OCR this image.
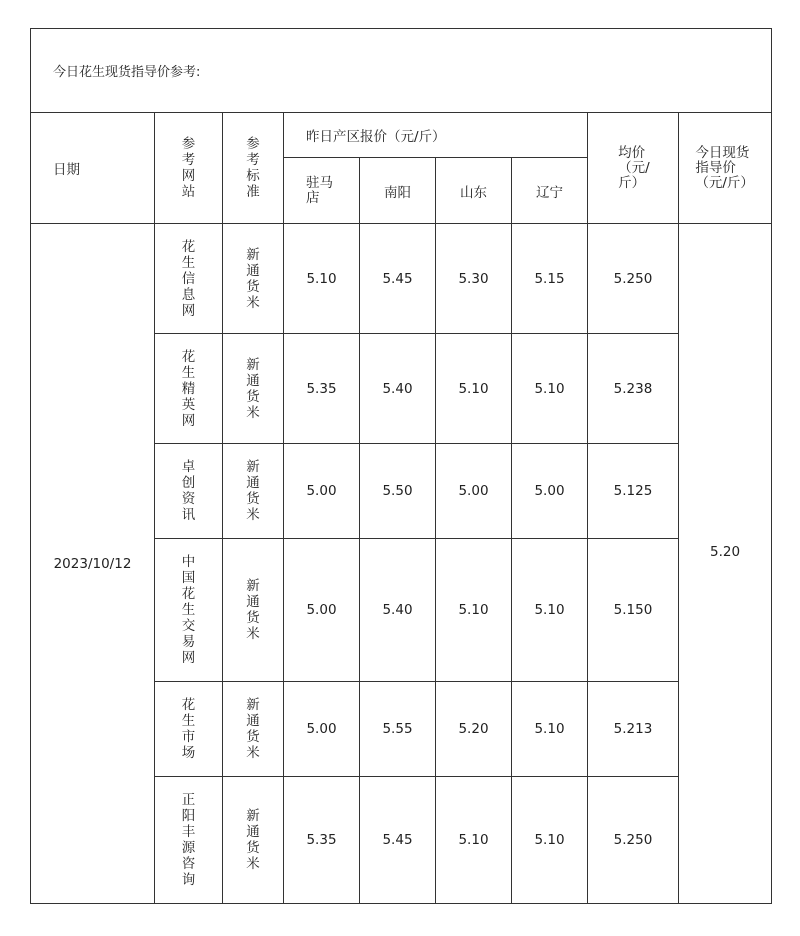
今日花生现货指导价参考:								
日期	参考网站	参考标准	昨日产区报价（元/斤）				均价（元/斤）	今日现货指导价（元/斤）
			驻马店	南阳	山东	辽宁		
2023/10/12	花生信息网	新通货米	5.10	5.45	5.30	5.15	5.250	5.20
	花生精英网	新通货米	5.35	5.40	5.10	5.10	5.238	
	卓创资讯	新通货米	5.00	5.50	5.00	5.00	5.125	
	中国花生交易网	新通货米	5.00	5.40	5.10	5.10	5.150	
	花生市场	新通货米	5.00	5.55	5.20	5.10	5.213	
	正阳丰源咨询	新通货米	5.35	5.45	5.10	5.10	5.250	
